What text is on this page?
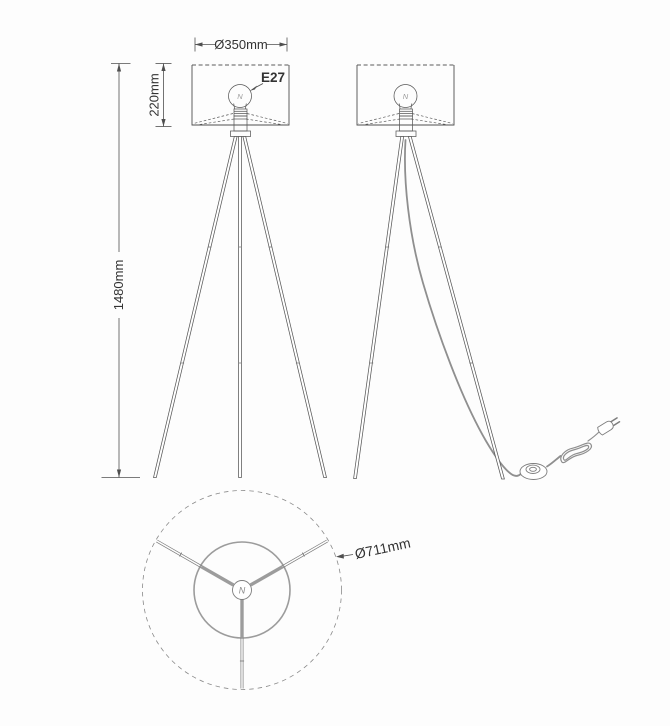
N
Ø350mm
220mm
1480mm
E27
N
N
Ø711mm
